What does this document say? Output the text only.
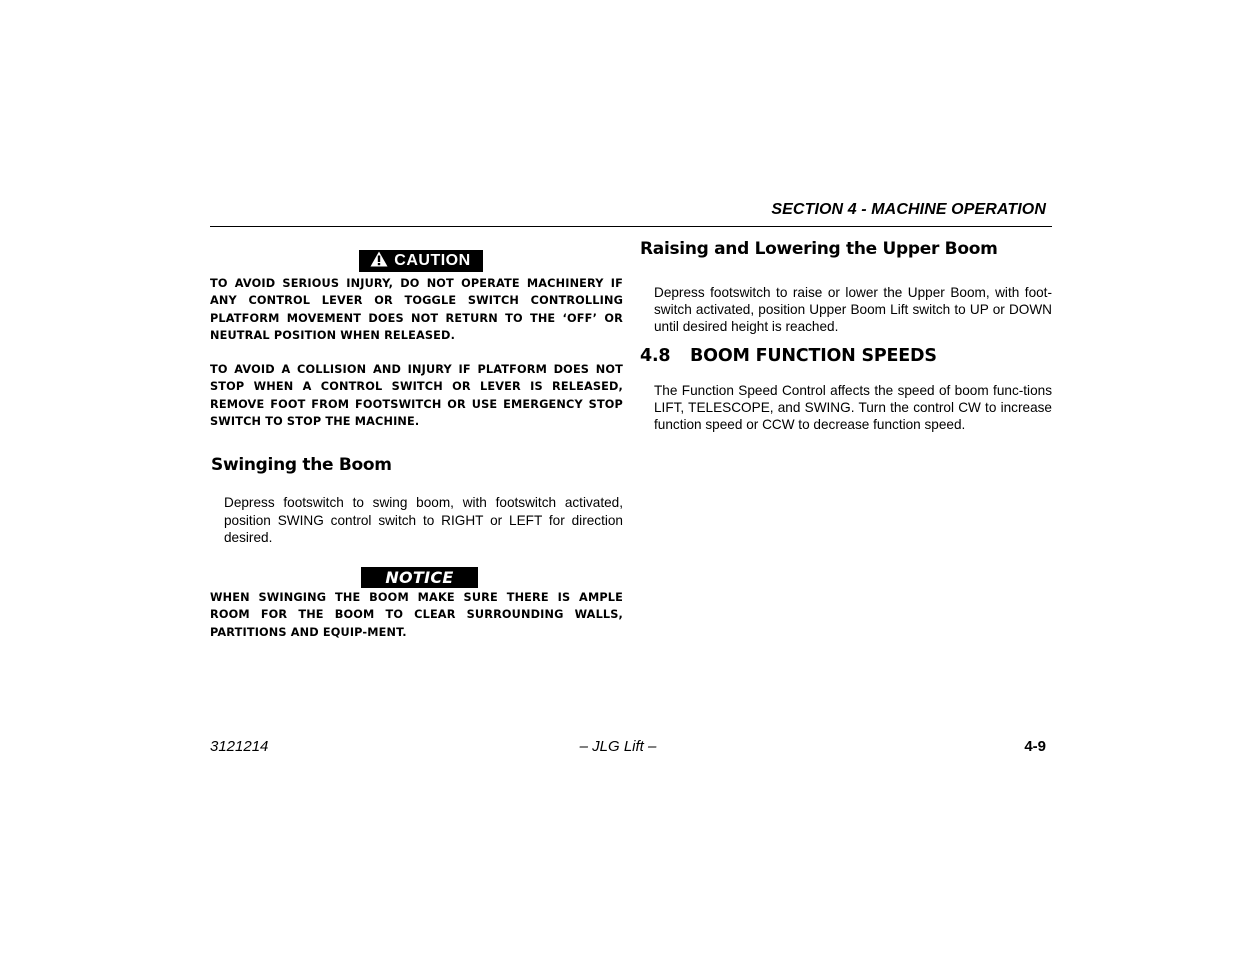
SECTION 4 - MACHINE OPERATION
CAUTION

TO AVOID SERIOUS INJURY, DO NOT OPERATE MACHINERY IF ANY CONTROL LEVER OR TOGGLE SWITCH CONTROLLING PLATFORM MOVEMENT DOES NOT RETURN TO THE ‘OFF’ OR NEUTRAL POSITION WHEN RELEASED.

TO AVOID A COLLISION AND INJURY IF PLATFORM DOES NOT STOP WHEN A CONTROL SWITCH OR LEVER IS RELEASED, REMOVE FOOT FROM FOOTSWITCH OR USE EMERGENCY STOP SWITCH TO STOP THE MACHINE.

Swinging the Boom

Depress footswitch to swing boom, with footswitch activated, position SWING control switch to RIGHT or LEFT for direction desired.

NOTICE

WHEN SWINGING THE BOOM MAKE SURE THERE IS AMPLE ROOM FOR THE BOOM TO CLEAR SURROUNDING WALLS, PARTITIONS AND EQUIP-MENT.

Raising and Lowering the Upper Boom

Depress footswitch to raise or lower the Upper Boom, with foot-switch activated, position Upper Boom Lift switch to UP or DOWN until desired height is reached.

4.8 BOOM FUNCTION SPEEDS

The Function Speed Control affects the speed of boom func-tions LIFT, TELESCOPE, and SWING. Turn the control CW to increase function speed or CCW to decrease function speed.

3121214	– JLG Lift –	4-9
